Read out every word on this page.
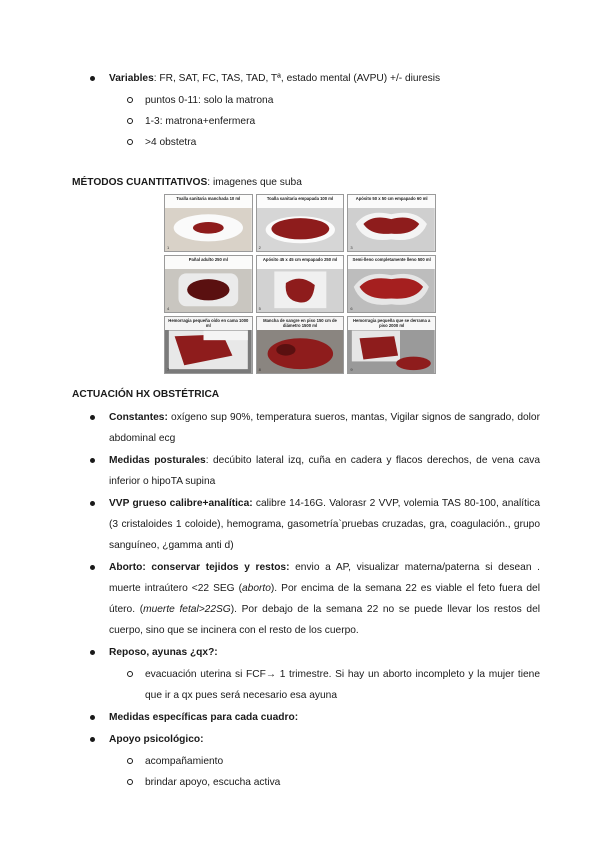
Variables: FR, SAT, FC, TAS, TAD, Tª, estado mental (AVPU) +/- diuresis
puntos 0-11: solo la matrona
1-3: matrona+enfermera
>4 obstetra
MÉTODOS CUANTITATIVOS: imagenes que suba
Toalla sanitaria manchada 10 ml
1
Toalla sanitaria empapada 100 ml
2
Apósito 50 x 50 cm empapado 60 ml
3
Pañal adulto 250 ml
4
Apósito 45 x 45 cm empapado 250 ml
5
Semi-lleno completamente lleno 500 ml
6
Hemorragia pequeña oído en cama 1000 ml
7
Mancha de sangre en piso 150 cm de diámetro 1500 ml
8
Hemorragia pequeña que se derrama a piso 2000 ml
9
ACTUACIÓN HX OBSTÉTRICA
Constantes: oxígeno sup 90%, temperatura sueros, mantas, Vigilar signos de sangrado, dolor abdominal ecg
Medidas posturales: decúbito lateral izq, cuña en cadera y flacos derechos, de vena cava inferior o hipoTA supina
VVP grueso calibre+analítica: calibre 14-16G. Valorasr 2 VVP, volemia TAS 80-100, analítica (3 cristaloides 1 coloide), hemograma, gasometría`pruebas cruzadas, gra, coagulación., grupo sanguíneo, ¿gamma anti d)
Aborto: conservar tejidos y restos: envio a AP, visualizar materna/paterna si desean . muerte intraútero <22 SEG (aborto). Por encima de la semana 22 es viable el feto fuera del útero. (muerte fetal>22SG). Por debajo de la semana 22 no se puede llevar los restos del cuerpo, sino que se incinera con el resto de los cuerpo.
Reposo, ayunas ¿qx?:
evacuación uterina si FCF→ 1 trimestre. Si hay un aborto incompleto y la mujer tiene que ir a qx pues será necesario esa ayuna
Medidas específicas para cada cuadro:
Apoyo psicológico:
acompañamiento
brindar apoyo, escucha activa
